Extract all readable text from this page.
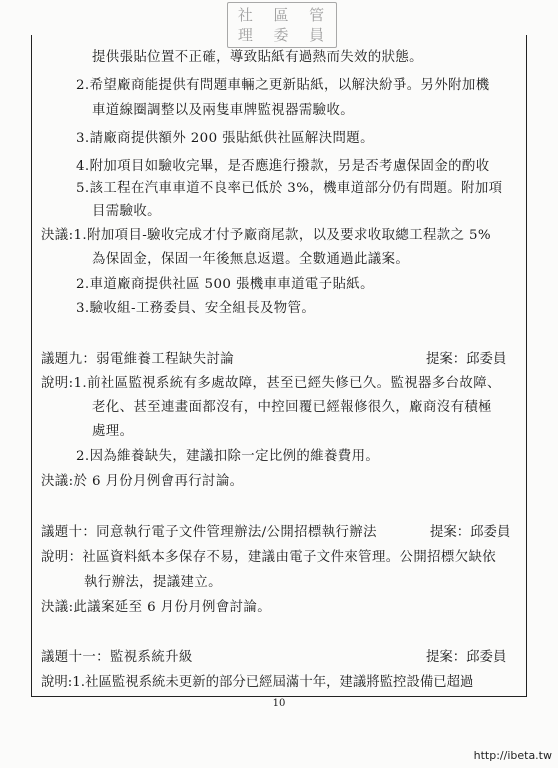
社	區	管
理	委	員
提供張貼位置不正確，導致貼紙有過熱而失效的狀態。
2.希望廠商能提供有問題車輛之更新貼紙，以解決紛爭。另外附加機
車道線圈調整以及兩隻車牌監視器需驗收。
3.請廠商提供額外 200 張貼紙供社區解決問題。
4.附加項目如驗收完畢，是否應進行撥款，另是否考慮保固金的酌收
5.該工程在汽車車道不良率已低於 3%，機車道部分仍有問題。附加項
目需驗收。
決議:1.附加項目-驗收完成才付予廠商尾款，以及要求收取總工程款之 5%
為保固金，保固一年後無息返還。全數通過此議案。
2.車道廠商提供社區 500 張機車車道電子貼紙。
3.驗收組-工務委員、安全組長及物管。
議題九：弱電維養工程缺失討論	提案：邱委員
說明:1.前社區監視系統有多處故障，甚至已經失修已久。監視器多台故障、
老化、甚至連畫面都沒有，中控回覆已經報修很久，廠商沒有積極
處理。
2.因為維養缺失，建議扣除一定比例的維養費用。
決議:於 6 月份月例會再行討論。
議題十：同意執行電子文件管理辦法/公開招標執行辦法	提案：邱委員
說明：社區資料紙本多保存不易，建議由電子文件來管理。公開招標欠缺依
執行辦法，提議建立。
決議:此議案延至 6 月份月例會討論。
議題十一：監視系統升級	提案：邱委員
說明:1.社區監視系統未更新的部分已經屆滿十年，建議將監控設備已超過
10
http://ibeta.tw
